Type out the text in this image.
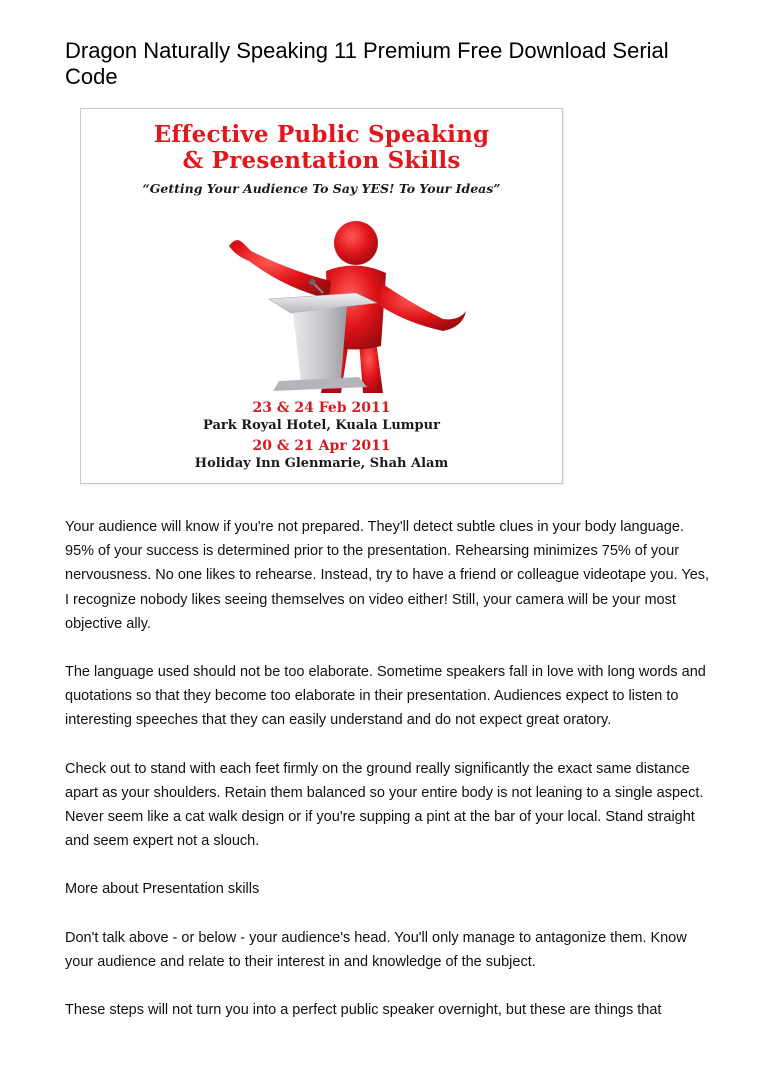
Dragon Naturally Speaking 11 Premium Free Download Serial Code
Effective Public Speaking
& Presentation Skills
“Getting Your Audience To Say YES! To Your Ideas”
23 & 24 Feb 2011
Park Royal Hotel, Kuala Lumpur
20 & 21 Apr 2011
Holiday Inn Glenmarie, Shah Alam

Your audience will know if you're not prepared. They'll detect subtle clues in your body language. 95% of your success is determined prior to the presentation. Rehearsing minimizes 75% of your nervousness. No one likes to rehearse. Instead, try to have a friend or colleague videotape you. Yes, I recognize nobody likes seeing themselves on video either! Still, your camera will be your most objective ally.

The language used should not be too elaborate. Sometime speakers fall in love with long words and quotations so that they become too elaborate in their presentation. Audiences expect to listen to interesting speeches that they can easily understand and do not expect great oratory.

Check out to stand with each feet firmly on the ground really significantly the exact same distance apart as your shoulders. Retain them balanced so your entire body is not leaning to a single aspect. Never seem like a cat walk design or if you're supping a pint at the bar of your local. Stand straight and seem expert not a slouch.

More about Presentation skills

Don't talk above - or below - your audience's head. You'll only manage to antagonize them. Know your audience and relate to their interest in and knowledge of the subject.

These steps will not turn you into a perfect public speaker overnight, but these are things that
